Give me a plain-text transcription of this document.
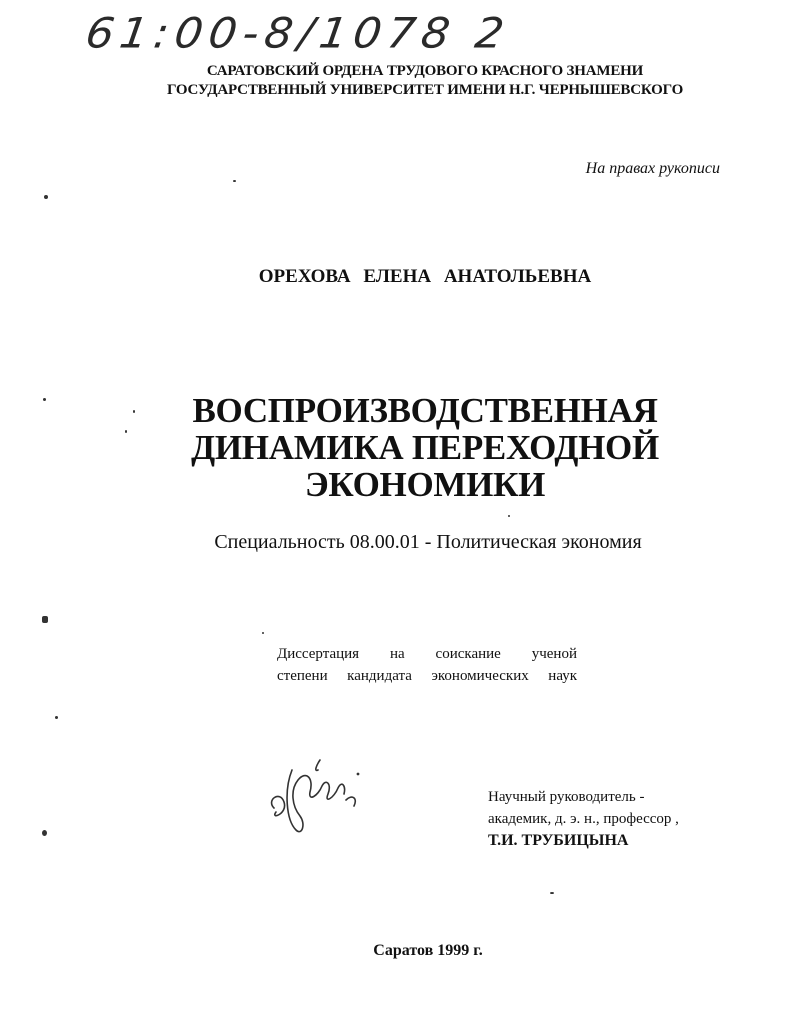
61:00-8/1078 2
САРАТОВСКИЙ ОРДЕНА ТРУДОВОГО КРАСНОГО ЗНАМЕНИ
ГОСУДАРСТВЕННЫЙ УНИВЕРСИТЕТ ИМЕНИ Н.Г. ЧЕРНЫШЕВСКОГО
На правах рукописи
ОРЕХОВА ЕЛЕНА АНАТОЛЬЕВНА
ВОСПРОИЗВОДСТВЕННАЯ
ДИНАМИКА ПЕРЕХОДНОЙ
ЭКОНОМИКИ
Специальность 08.00.01 - Политическая экономия
Диссертация на соискание ученой
степени кандидата экономических наук
Научный руководитель -
академик, д. э. н., профессор ,
Т.И. ТРУБИЦЫНА
Саратов 1999 г.
